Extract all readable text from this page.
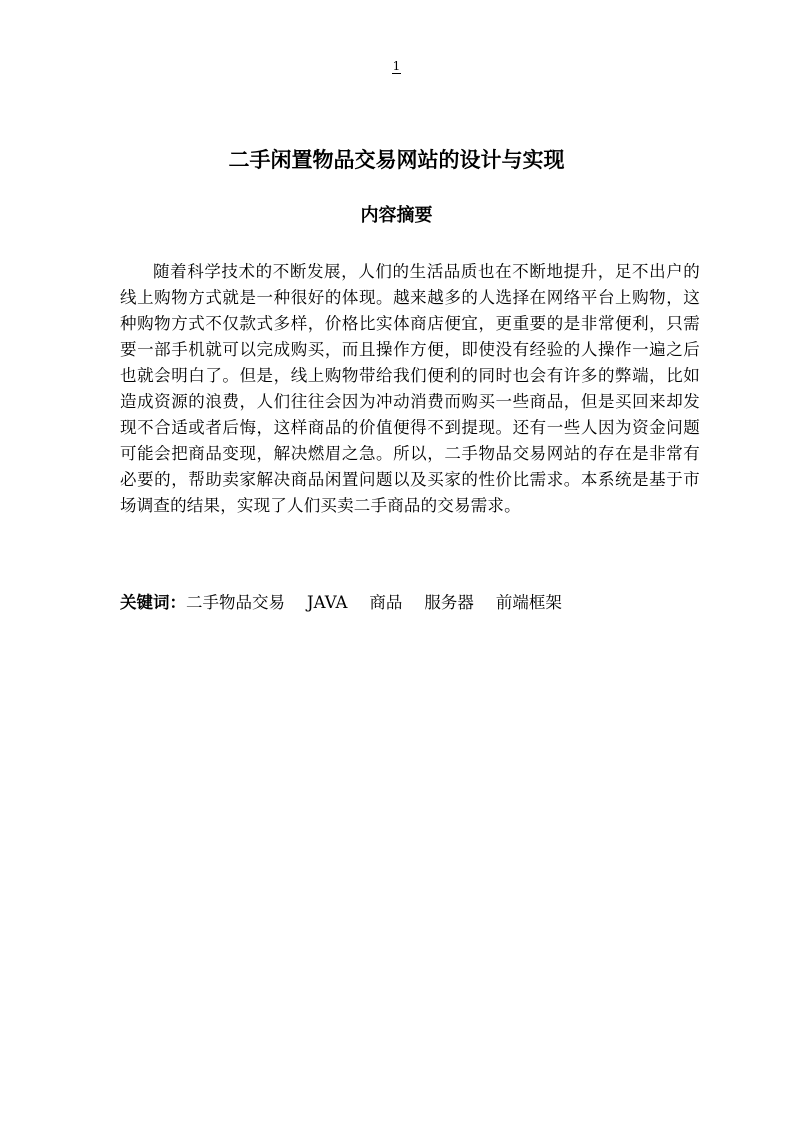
1
二手闲置物品交易网站的设计与实现
内容摘要

随着科学技术的不断发展，人们的生活品质也在不断地提升，足不出户的线上购物方式就是一种很好的体现。越来越多的人选择在网络平台上购物，这种购物方式不仅款式多样，价格比实体商店便宜，更重要的是非常便利，只需要一部手机就可以完成购买，而且操作方便，即使没有经验的人操作一遍之后也就会明白了。但是，线上购物带给我们便利的同时也会有许多的弊端，比如造成资源的浪费，人们往往会因为冲动消费而购买一些商品，但是买回来却发现不合适或者后悔，这样商品的价值便得不到提现。还有一些人因为资金问题可能会把商品变现，解决燃眉之急。所以，二手物品交易网站的存在是非常有必要的，帮助卖家解决商品闲置问题以及买家的性价比需求。本系统是基于市场调查的结果，实现了人们买卖二手商品的交易需求。

关键词：二手物品交易 JAVA 商品 服务器 前端框架
